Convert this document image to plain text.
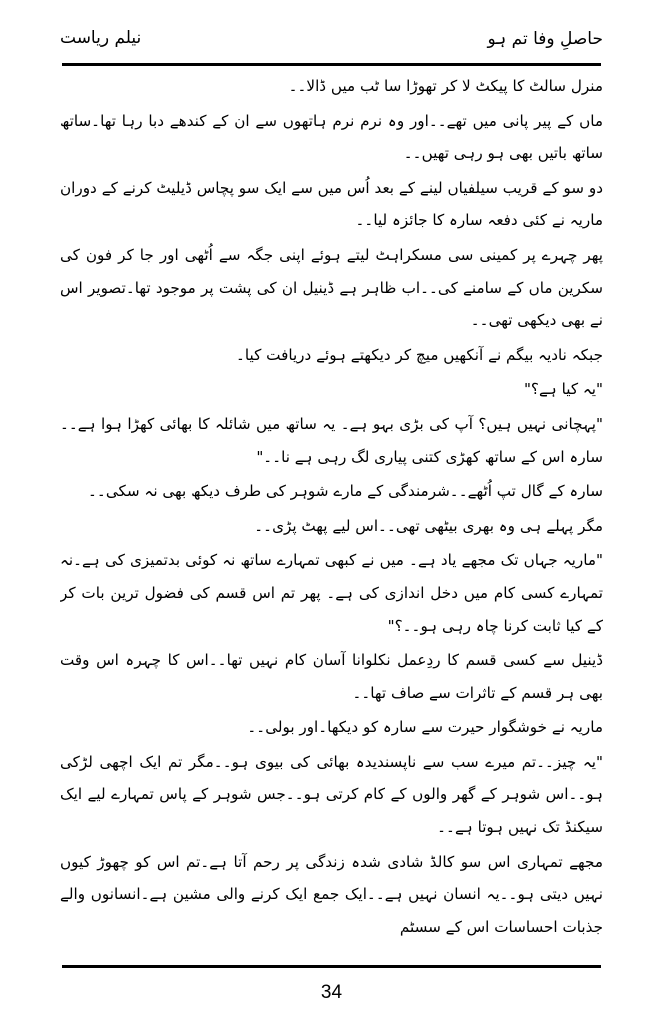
حاصلِ وفا تم ہو
نیلم ریاست

منرل سالٹ کا پیکٹ لا کر تھوڑا سا ٹب میں ڈالا۔۔

ماں کے پیر پانی میں تھے۔۔اور وہ نرم نرم ہاتھوں سے ان کے کندھے دبا رہا تھا۔ساتھ ساتھ باتیں بھی ہو رہی تھیں۔۔

دو سو کے قریب سیلفیاں لینے کے بعد اُس میں سے ایک سو پچاس ڈیلیٹ کرنے کے دوران ماریہ نے کئی دفعہ سارہ کا جائزہ لیا۔۔

پھر چہرے پر کمینی سی مسکراہٹ لیتے ہوئے اپنی جگہ سے اُٹھی اور جا کر فون کی سکرین ماں کے سامنے کی۔۔اب ظاہر ہے ڈینیل ان کی پشت پر موجود تھا۔تصویر اس نے بھی دیکھی تھی۔۔

جبکہ نادیہ بیگم نے آنکھیں میچ کر دیکھتے ہوئے دریافت کیا۔

"یہ کیا ہے؟"

"پہچانی نہیں ہیں؟ آپ کی بڑی بہو ہے۔ یہ ساتھ میں شائلہ کا بھائی کھڑا ہوا ہے۔۔سارہ اس کے ساتھ کھڑی کتنی پیاری لگ رہی ہے نا۔۔"

سارہ کے گال تپ اُٹھے۔۔شرمندگی کے مارے شوہر کی طرف دیکھ بھی نہ سکی۔۔

مگر پہلے ہی وہ بھری بیٹھی تھی۔۔اس لیے پھٹ پڑی۔۔

"ماریہ جہاں تک مجھے یاد ہے۔ میں نے کبھی تمہارے ساتھ نہ کوئی بدتمیزی کی ہے۔نہ تمہارے کسی کام میں دخل اندازی کی ہے۔ پھر تم اس قسم کی فضول ترین بات کر کے کیا ثابت کرنا چاہ رہی ہو۔۔؟"

ڈینیل سے کسی قسم کا ردِعمل نکلوانا آسان کام نہیں تھا۔۔اس کا چہرہ اس وقت بھی ہر قسم کے تاثرات سے صاف تھا۔۔

ماریہ نے خوشگوار حیرت سے سارہ کو دیکھا۔اور بولی۔۔

"یہ چیز۔۔تم میرے سب سے ناپسندیدہ بھائی کی بیوی ہو۔۔مگر تم ایک اچھی لڑکی ہو۔۔اس شوہر کے گھر والوں کے کام کرتی ہو۔۔جس شوہر کے پاس تمہارے لیے ایک سیکنڈ تک نہیں ہوتا ہے۔۔

مجھے تمہاری اس سو کالڈ شادی شدہ زندگی پر رحم آتا ہے۔تم اس کو چھوڑ کیوں نہیں دیتی ہو۔۔یہ انسان نہیں ہے۔۔ایک جمع ایک کرنے والی مشین ہے۔انسانوں والے جذبات احساسات اس کے سسٹم

34
